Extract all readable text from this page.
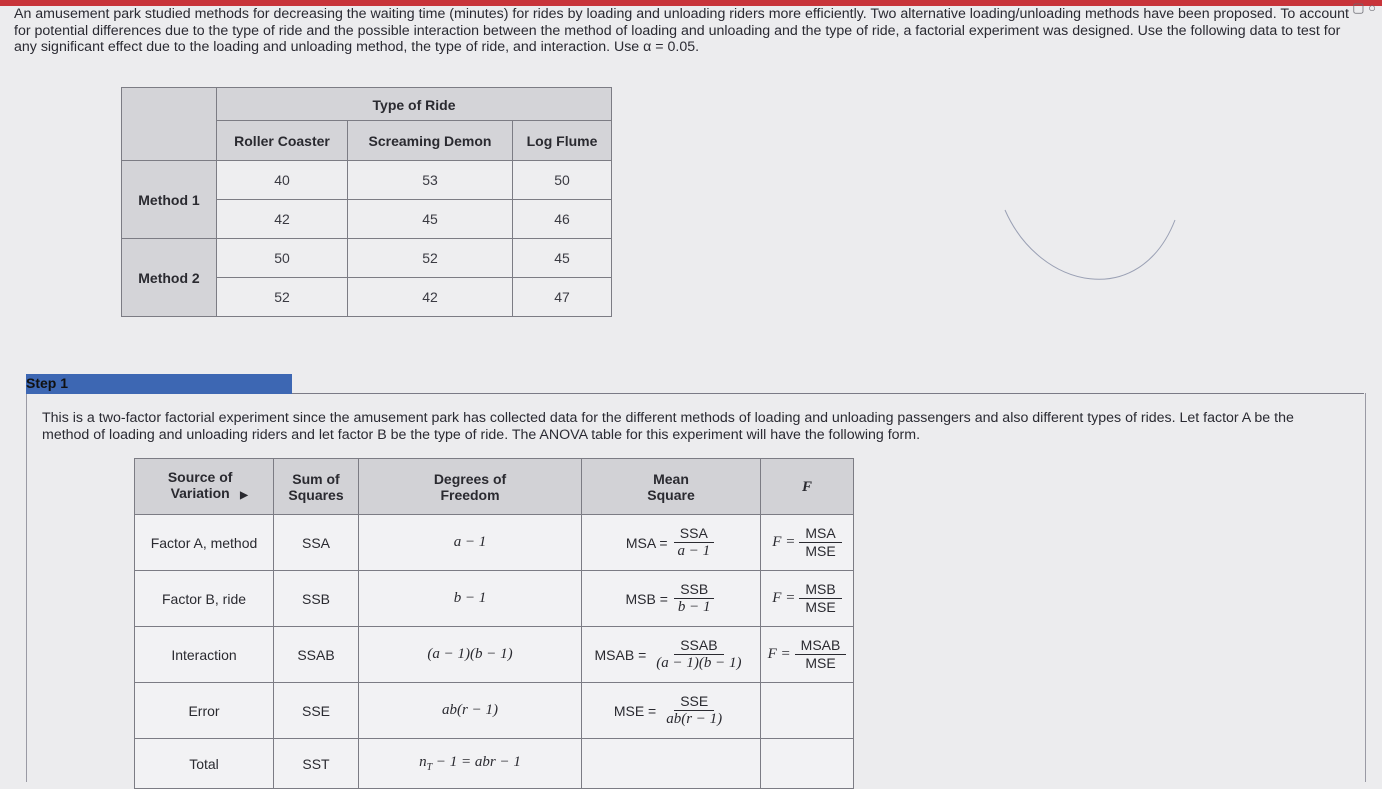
▢ ○
An amusement park studied methods for decreasing the waiting time (minutes) for rides by loading and unloading riders more efficiently. Two alternative loading/unloading methods have been proposed. To account for potential differences due to the type of ride and the possible interaction between the method of loading and unloading and the type of ride, a factorial experiment was designed. Use the following data to test for any significant effect due to the loading and unloading method, the type of ride, and interaction. Use α = 0.05.
	Type of Ride		
	Roller Coaster	Screaming Demon	Log Flume
Method 1	40	53	50
	42	45	46
Method 2	50	52	45
	52	42	47
Step 1
This is a two-factor factorial experiment since the amusement park has collected data for the different methods of loading and unloading passengers and also different types of rides. Let factor A be the method of loading and unloading riders and let factor B be the type of ride. The ANOVA table for this experiment will have the following form.
Source of Variation ▶	Sum of Squares	Degrees of Freedom	Mean Square	F
Factor A, method	SSA	a − 1	MSA = $\frac{\text{SSA}}{a - 1}$	$F = \frac{\text{MSA}}{\text{MSE}}$

Factor B, ride	SSB	b − 1	MSB = $\frac{\text{SSB}}{b - 1}$	$F = \frac{\text{MSB}}{\text{MSE}}$

Interaction	SSAB	(a − 1)(b − 1)	MSAB = $\frac{\text{SSAB}}{(a - 1)(b - 1)}$	$F = \frac{\text{MSAB}}{\text{MSE}}$

Error	SSE	ab(r − 1)	MSE = $\frac{\text{SSE}}{ab(r - 1)}$

Total	SST	$n_T - 1$ = abr − 1		
